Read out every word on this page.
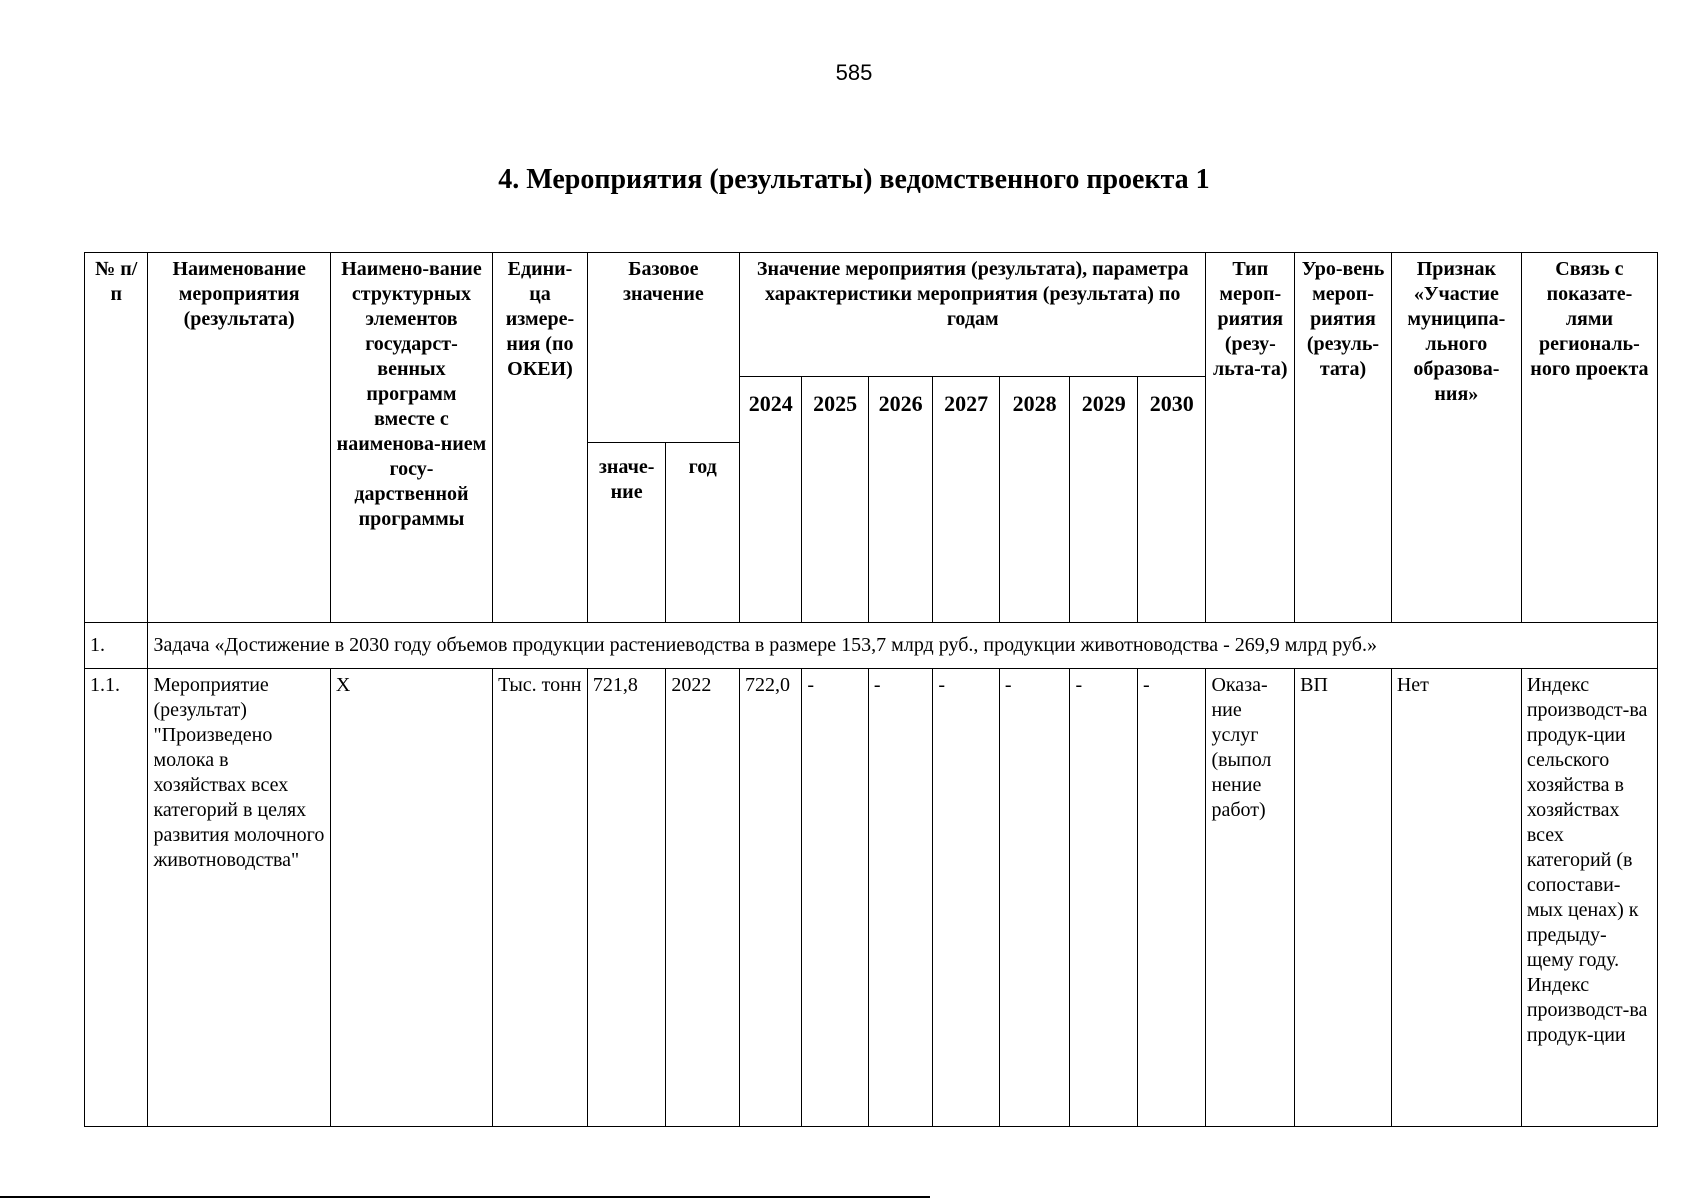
585
4. Мероприятия (результаты) ведомственного проекта 1
№ п/п	Наименование мероприятия (результата)	Наимено-вание структурных элементов государст-венных программ вместе с наименова-нием госу-дарственной программы	Едини-ца измере-ния (по ОКЕИ)	Базовое значение		Значение мероприятия (результата), параметра характеристики мероприятия (результата) по годам							Тип мероп-риятия (резу-льта-та)	Уро-вень мероп-риятия (резуль-тата)	Признак «Участие муниципа-льного образова-ния»	Связь с показате-лями региональ-ного проекта
						2024	2025	2026	2027	2028	2029	2030				
				значе-ние	год											
1.	Задача «Достижение в 2030 году объемов продукции растениеводства в размере 153,7 млрд руб., продукции животноводства - 269,9 млрд руб.»															
1.1.	Мероприятие (результат) "Произведено молока в хозяйствах всех категорий в целях развития молочного животноводства"	Х	Тыс. тонн	721,8	2022	722,0	-	-	-	-	-	-	Оказа-ние услуг (выпол нение работ)	ВП	Нет	Индекс производст-ва продук-ции сельского хозяйства в хозяйствах всех категорий (в сопостави-мых ценах) к предыду-щему году. Индекс производст-ва продук-ции
